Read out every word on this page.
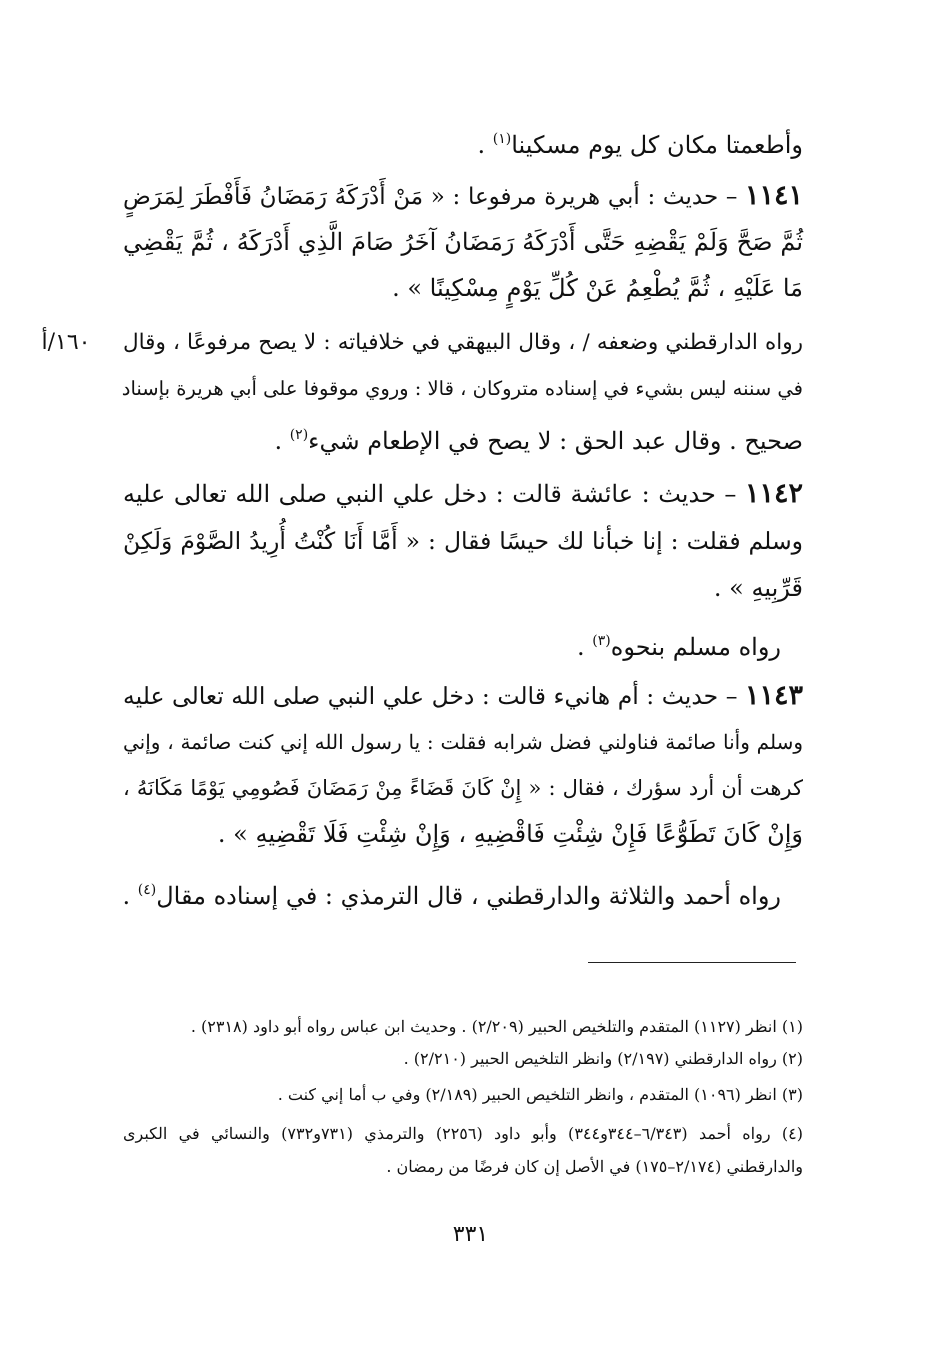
وأطعمتا مكان كل يوم مسكينا$^{(١)}$ .
١١٤١ – حديث : أبي هريرة مرفوعا : « مَنْ أَدْرَكَهُ رَمَضَانُ فَأَفْطَرَ لِمَرَضٍ
ثُمَّ صَحَّ وَلَمْ يَقْضِهِ حَتَّى أَدْرَكَهُ رَمَضَانُ آخَرُ صَامَ الَّذِي أَدْرَكَهُ ، ثُمَّ يَقْضِي
مَا عَلَيْهِ ، ثُمَّ يُطْعِمُ عَنْ كُلِّ يَوْمٍ مِسْكِينًا » .
رواه الدارقطني وضعفه / ، وقال البيهقي في خلافياته : لا يصح مرفوعًا ، وقال
في سننه ليس بشيء في إسناده متروكان ، قالا : وروي موقوفا على أبي هريرة بإسناد
صحيح . وقال عبد الحق : لا يصح في الإطعام شيء$^{(٢)}$ .
١٦٠/أ
١١٤٢ – حديث : عائشة قالت : دخل علي النبي صلى الله تعالى عليه
وسلم فقلت : إنا خبأنا لك حيسًا فقال : « أَمَّا أَنَا كُنْتُ أُرِيدُ الصَّوْمَ وَلَكِنْ
قَرِّبِيهِ » .
رواه مسلم بنحوه$^{(٣)}$ .
١١٤٣ – حديث : أم هانيء قالت : دخل علي النبي صلى الله تعالى عليه
وسلم وأنا صائمة فناولني فضل شرابه فقلت : يا رسول الله إني كنت صائمة ، وإني
كرهت أن أرد سؤرك ، فقال : « إِنْ كَانَ قَضَاءً مِنْ رَمَضَانَ فَصُومِي يَوْمًا مَكَانَهُ ،
وَإِنْ كَانَ تَطَوُّعًا فَإِنْ شِئْتِ فَاقْضِيهِ ، وَإِنْ شِئْتِ فَلَا تَقْضِيهِ » .
رواه أحمد والثلاثة والدارقطني ، قال الترمذي : في إسناده مقال$^{(٤)}$ .
(١) انظر (١١٢٧) المتقدم والتلخيص الحبير (٢/٢٠٩) . وحديث ابن عباس رواه أبو داود (٢٣١٨) .
(٢) رواه الدارقطني (٢/١٩٧) وانظر التلخيص الحبير (٢/٢١٠) .
(٣) انظر (١٠٩٦) المتقدم ، وانظر التلخيص الحبير (٢/١٨٩) وفي ب أما إني كنت .
(٤) رواه أحمد (٦/٣٤٣–٣٤٤و٣٤٤) وأبو داود (٢٢٥٦) والترمذي (٧٣١و٧٣٢) والنسائي في الكبرى
والدارقطني (٢/١٧٤–١٧٥) في الأصل إن كان فرضًا من رمضان .
٣٣١
